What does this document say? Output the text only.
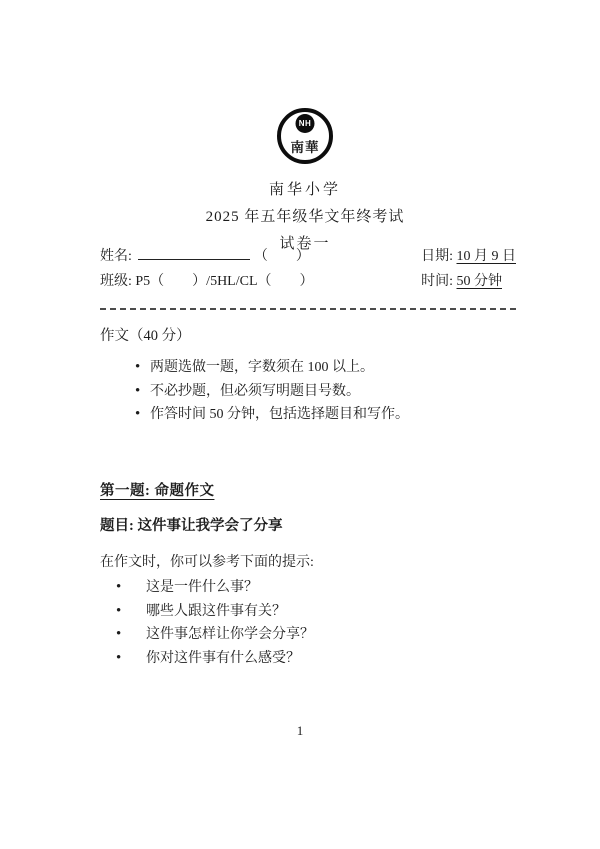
NH
南華
南华小学
2025 年五年级华文年终考试
试卷一
姓名:	（　　）
班级: P5（　　）/5HL/CL（　　）
日期: 10 月 9 日
时间: 50 分钟
作文（40 分）
• 两题选做一题，字数须在 100 以上。
• 不必抄题，但必须写明题目号数。
• 作答时间 50 分钟，包括选择题目和写作。
第一题: 命题作文
题目: 这件事让我学会了分享
在作文时，你可以参考下面的提示:
• 这是一件什么事？
• 哪些人跟这件事有关？
• 这件事怎样让你学会分享？
• 你对这件事有什么感受？
1
